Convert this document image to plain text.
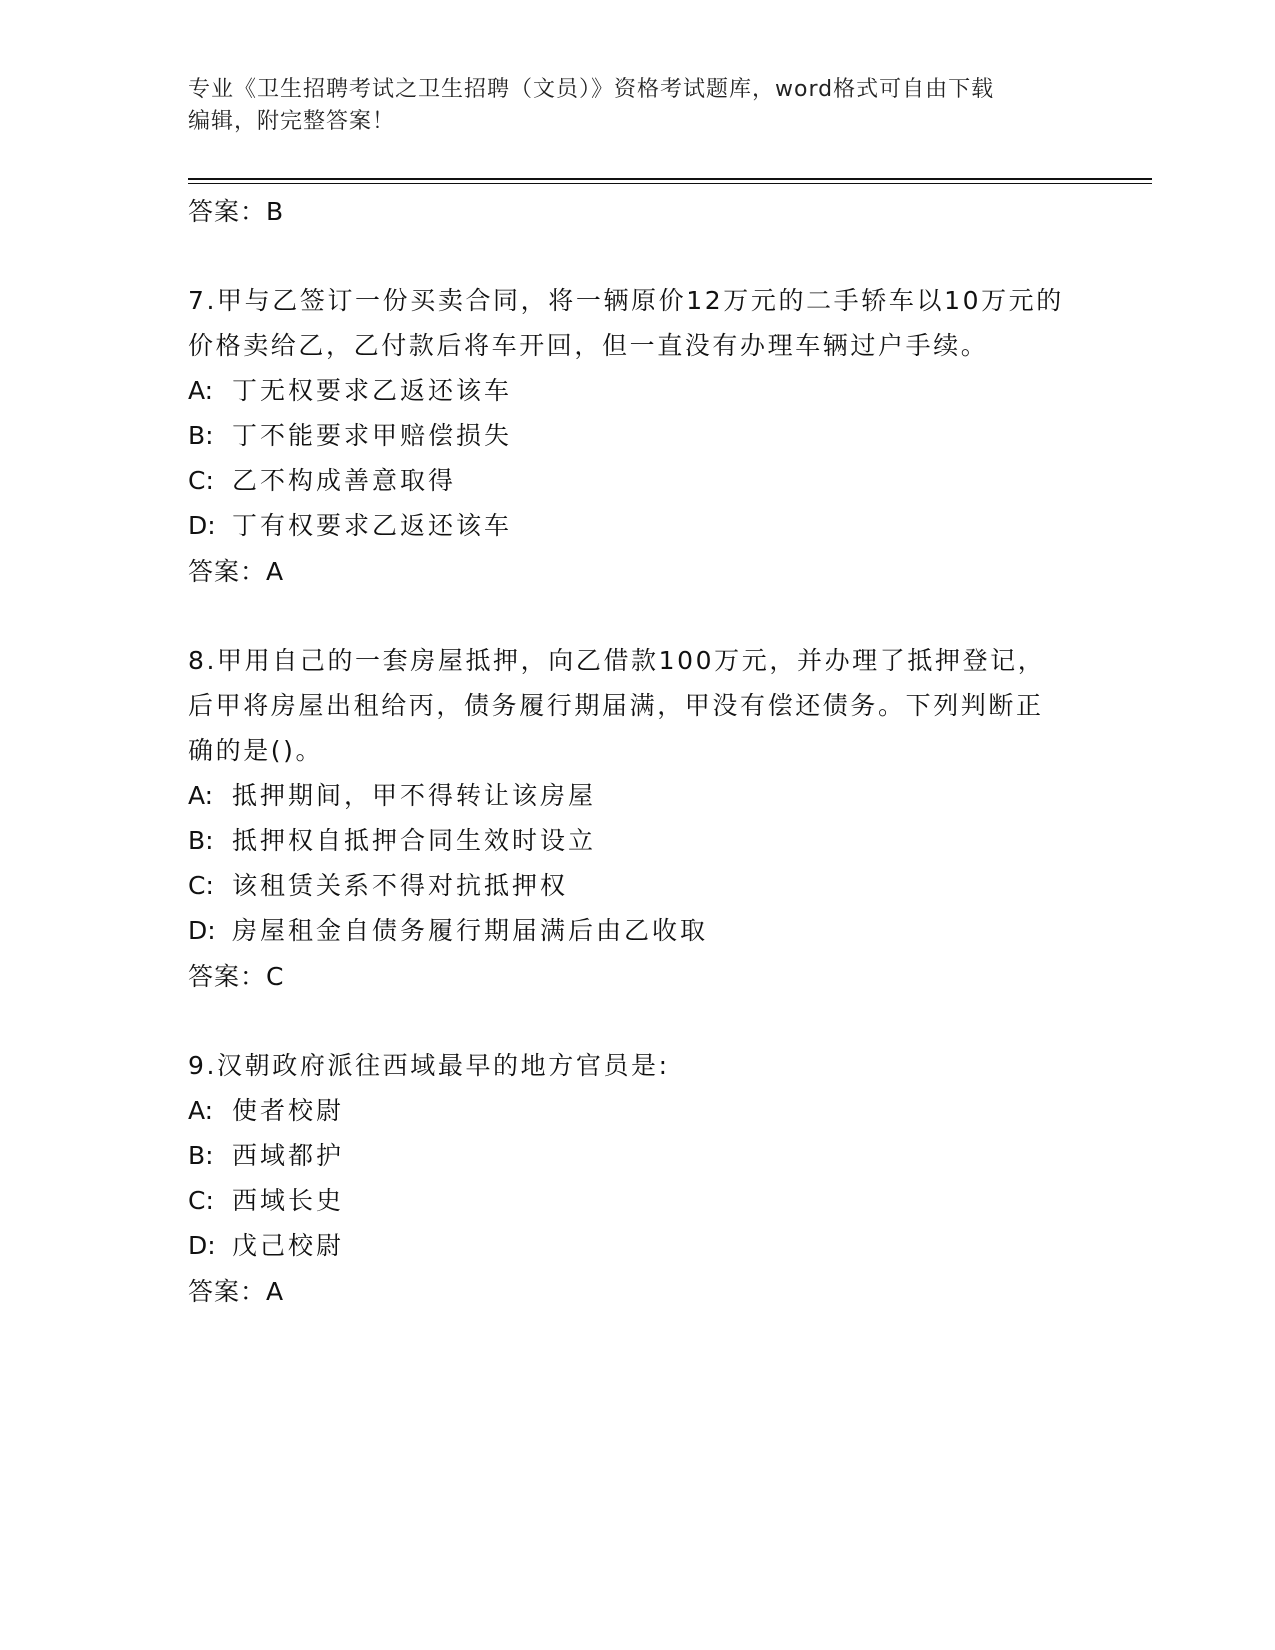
专业《卫生招聘考试之卫生招聘（文员）》资格考试题库，word格式可自由下载
编辑，附完整答案！
答案：B
7.甲与乙签订一份买卖合同，将一辆原价12万元的二手轿车以10万元的价格卖给乙，乙付款后将车开回，但一直没有办理车辆过户手续。
A: 丁无权要求乙返还该车
B: 丁不能要求甲赔偿损失
C: 乙不构成善意取得
D: 丁有权要求乙返还该车
答案：A
8.甲用自己的一套房屋抵押，向乙借款100万元，并办理了抵押登记，后甲将房屋出租给丙，债务履行期届满，甲没有偿还债务。下列判断正确的是()。
A: 抵押期间，甲不得转让该房屋
B: 抵押权自抵押合同生效时设立
C: 该租赁关系不得对抗抵押权
D: 房屋租金自债务履行期届满后由乙收取
答案：C
9.汉朝政府派往西域最早的地方官员是:
A: 使者校尉
B: 西域都护
C: 西域长史
D: 戊己校尉
答案：A
